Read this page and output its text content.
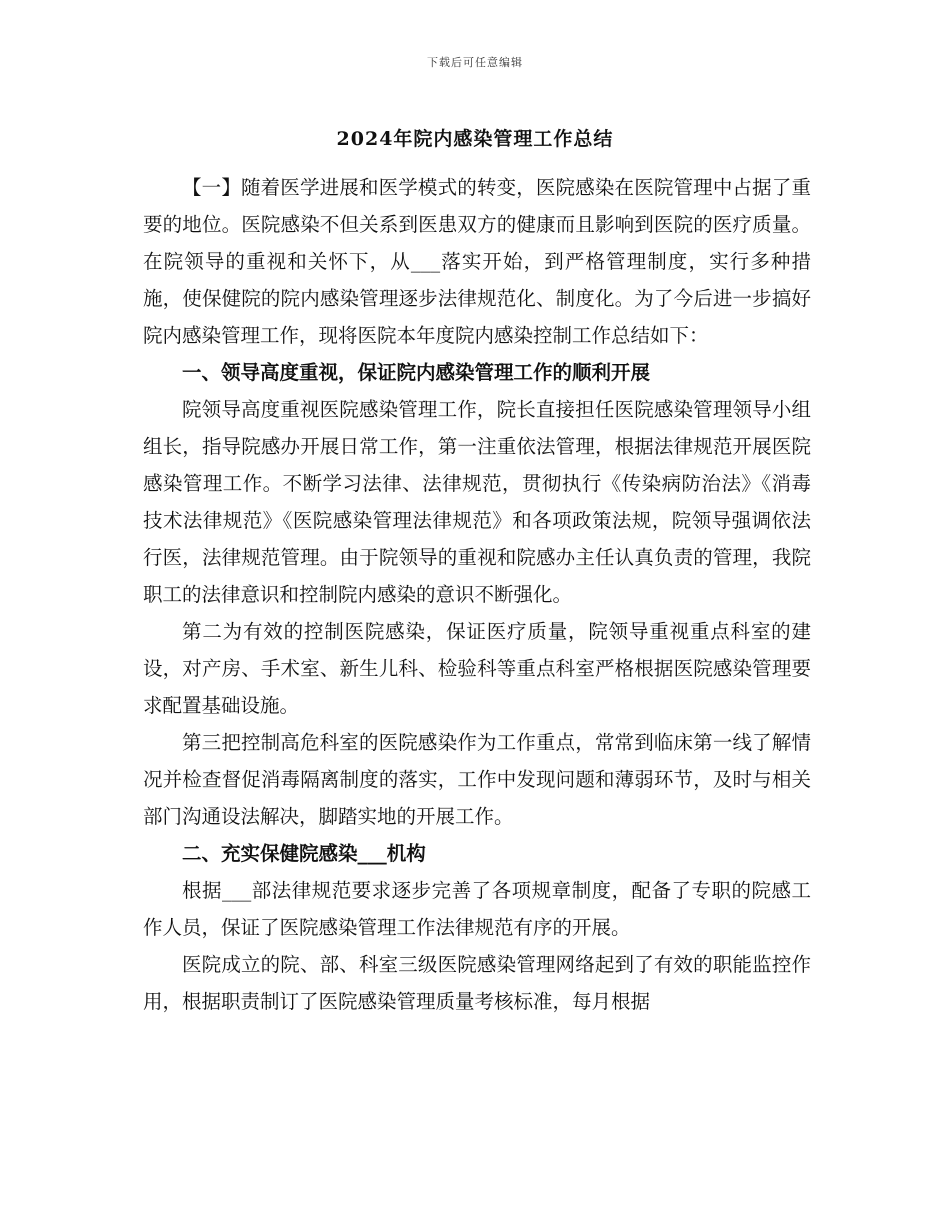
下载后可任意编辑
2024年院内感染管理工作总结

【一】随着医学进展和医学模式的转变，医院感染在医院管理中占据了重要的地位。医院感染不但关系到医患双方的健康而且影响到医院的医疗质量。在院领导的重视和关怀下，从___落实开始，到严格管理制度，实行多种措施，使保健院的院内感染管理逐步法律规范化、制度化。为了今后进一步搞好院内感染管理工作，现将医院本年度院内感染控制工作总结如下：

一、领导高度重视，保证院内感染管理工作的顺利开展

院领导高度重视医院感染管理工作，院长直接担任医院感染管理领导小组组长，指导院感办开展日常工作，第一注重依法管理，根据法律规范开展医院感染管理工作。不断学习法律、法律规范，贯彻执行《传染病防治法》《消毒技术法律规范》《医院感染管理法律规范》和各项政策法规，院领导强调依法行医，法律规范管理。由于院领导的重视和院感办主任认真负责的管理，我院职工的法律意识和控制院内感染的意识不断强化。

第二为有效的控制医院感染，保证医疗质量，院领导重视重点科室的建设，对产房、手术室、新生儿科、检验科等重点科室严格根据医院感染管理要求配置基础设施。

第三把控制高危科室的医院感染作为工作重点，常常到临床第一线了解情况并检查督促消毒隔离制度的落实，工作中发现问题和薄弱环节，及时与相关部门沟通设法解决，脚踏实地的开展工作。

二、充实保健院感染___机构

根据___部法律规范要求逐步完善了各项规章制度，配备了专职的院感工作人员，保证了医院感染管理工作法律规范有序的开展。

医院成立的院、部、科室三级医院感染管理网络起到了有效的职能监控作用，根据职责制订了医院感染管理质量考核标准，每月根据
